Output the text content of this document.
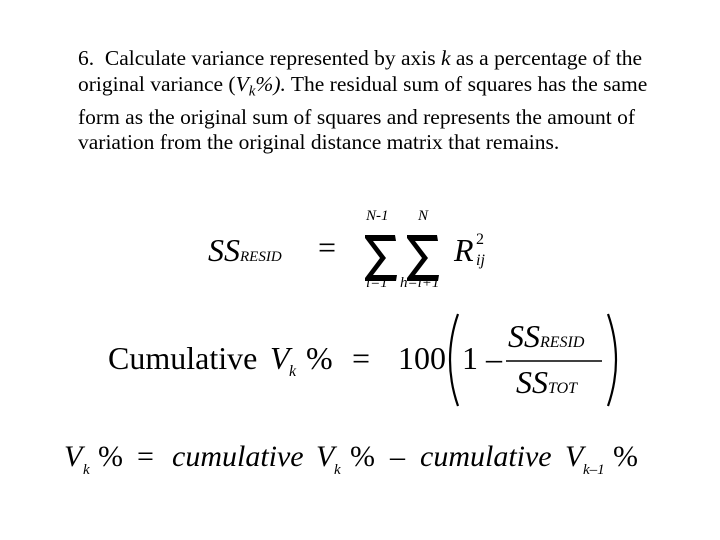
6. Calculate variance represented by axis k as a percentage of the original variance $(V_k\%)$. The residual sum of squares has the same form as the original sum of squares and represents the amount of variation from the original distance matrix that remains.
SSRESID =
N-1
i=1
N
h=i+1
R 2
ij
Cumulative V k % = 100 1 –
SSRESID
SSTOT
V k % = cumulative V k % – cumulative V k–1 %
